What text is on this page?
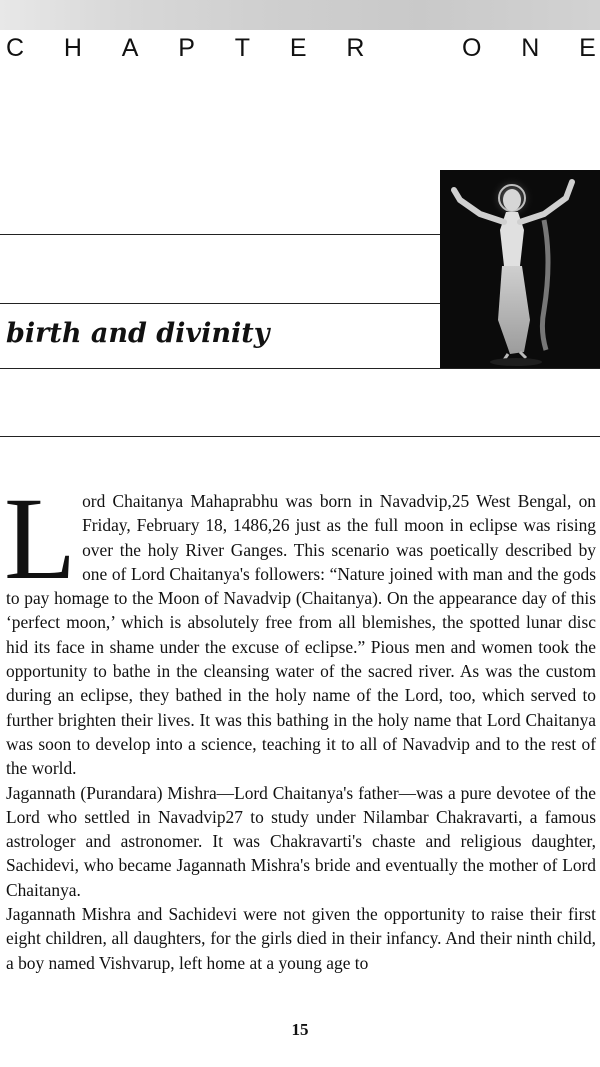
C H A P T E R	O N E
birth and divinity

Lord Chaitanya Mahaprabhu was born in Navadvip,25 West Bengal, on Friday, February 18, 1486,26 just as the full moon in eclipse was rising over the holy River Ganges. This scenario was poetically described by one of Lord Chaitanya's followers: “Nature joined with man and the gods to pay homage to the Moon of Navadvip (Chaitanya). On the appearance day of this ‘perfect moon,’ which is absolutely free from all blemishes, the spotted lunar disc hid its face in shame under the excuse of eclipse.” Pious men and women took the opportunity to bathe in the cleansing water of the sacred river. As was the custom during an eclipse, they bathed in the holy name of the Lord, too, which served to further brighten their lives. It was this bathing in the holy name that Lord Chaitanya was soon to develop into a science, teaching it to all of Navadvip and to the rest of the world.

Jagannath (Purandara) Mishra—Lord Chaitanya's father—was a pure devotee of the Lord who settled in Navadvip27 to study under Nilambar Chakravarti, a famous astrologer and astronomer. It was Chakravarti's chaste and religious daughter, Sachidevi, who became Jagannath Mishra's bride and eventually the mother of Lord Chaitanya.

Jagannath Mishra and Sachidevi were not given the opportunity to raise their first eight children, all daughters, for the girls died in their infancy. And their ninth child, a boy named Vishvarup, left home at a young age to

15
